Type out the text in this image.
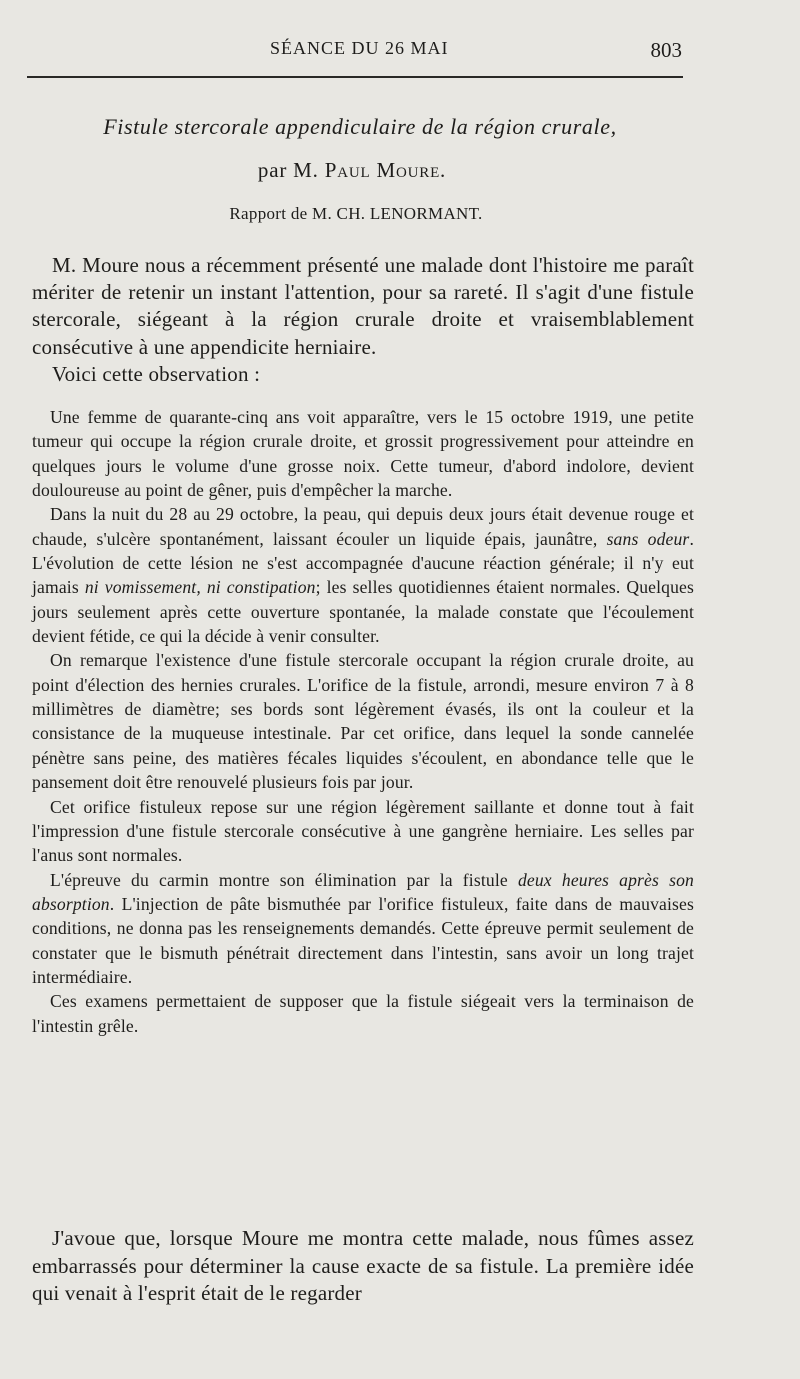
SÉANCE DU 26 MAI	803
Fistule stercorale appendiculaire de la région crurale,
par M. Paul Moure.
Rapport de M. CH. LENORMANT.

M. Moure nous a récemment présenté une malade dont l'histoire me paraît mériter de retenir un instant l'attention, pour sa rareté. Il s'agit d'une fistule stercorale, siégeant à la région crurale droite et vraisemblablement consécutive à une appendicite herniaire.

Voici cette observation :

Une femme de quarante-cinq ans voit apparaître, vers le 15 octobre 1919, une petite tumeur qui occupe la région crurale droite, et grossit progressivement pour atteindre en quelques jours le volume d'une grosse noix. Cette tumeur, d'abord indolore, devient douloureuse au point de gêner, puis d'empêcher la marche.

Dans la nuit du 28 au 29 octobre, la peau, qui depuis deux jours était devenue rouge et chaude, s'ulcère spontanément, laissant écouler un liquide épais, jaunâtre, sans odeur. L'évolution de cette lésion ne s'est accompagnée d'aucune réaction générale; il n'y eut jamais ni vomissement, ni constipation; les selles quotidiennes étaient normales. Quelques jours seulement après cette ouverture spontanée, la malade constate que l'écoulement devient fétide, ce qui la décide à venir consulter.

On remarque l'existence d'une fistule stercorale occupant la région crurale droite, au point d'élection des hernies crurales. L'orifice de la fistule, arrondi, mesure environ 7 à 8 millimètres de diamètre; ses bords sont légèrement évasés, ils ont la couleur et la consistance de la muqueuse intestinale. Par cet orifice, dans lequel la sonde cannelée pénètre sans peine, des matières fécales liquides s'écoulent, en abondance telle que le pansement doit être renouvelé plusieurs fois par jour.

Cet orifice fistuleux repose sur une région légèrement saillante et donne tout à fait l'impression d'une fistule stercorale consécutive à une gangrène herniaire. Les selles par l'anus sont normales.

L'épreuve du carmin montre son élimination par la fistule deux heures après son absorption. L'injection de pâte bismuthée par l'orifice fistuleux, faite dans de mauvaises conditions, ne donna pas les renseignements demandés. Cette épreuve permit seulement de constater que le bismuth pénétrait directement dans l'intestin, sans avoir un long trajet intermédiaire.

Ces examens permettaient de supposer que la fistule siégeait vers la terminaison de l'intestin grêle.

J'avoue que, lorsque Moure me montra cette malade, nous fûmes assez embarrassés pour déterminer la cause exacte de sa fistule. La première idée qui venait à l'esprit était de le regarder
